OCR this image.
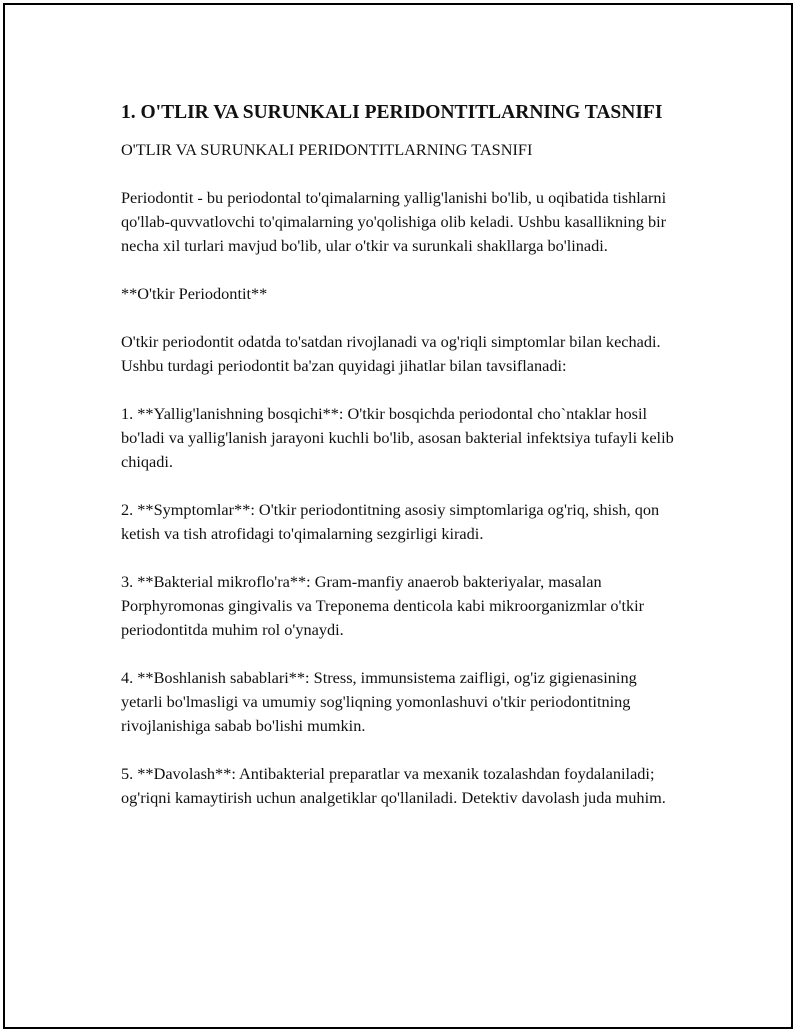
1. O'TLIR VA SURUNKALI PERIDONTITLARNING TASNIFI

O'TLIR VA SURUNKALI PERIDONTITLARNING TASNIFI

Periodontit - bu periodontal to'qimalarning yallig'lanishi bo'lib, u oqibatida tishlarni qo'llab-quvvatlovchi to'qimalarning yo'qolishiga olib keladi. Ushbu kasallikning bir necha xil turlari mavjud bo'lib, ular o'tkir va surunkali shakllarga bo'linadi.

**O'tkir Periodontit**

O'tkir periodontit odatda to'satdan rivojlanadi va og'riqli simptomlar bilan kechadi. Ushbu turdagi periodontit ba'zan quyidagi jihatlar bilan tavsiflanadi:

1. **Yallig'lanishning bosqichi**: O'tkir bosqichda periodontal cho`ntaklar hosil bo'ladi va yallig'lanish jarayoni kuchli bo'lib, asosan bakterial infektsiya tufayli kelib chiqadi.

2. **Symptomlar**: O'tkir periodontitning asosiy simptomlariga og'riq, shish, qon ketish va tish atrofidagi to'qimalarning sezgirligi kiradi.

3. **Bakterial mikroflo'ra**: Gram-manfiy anaerob bakteriyalar, masalan Porphyromonas gingivalis va Treponema denticola kabi mikroorganizmlar o'tkir periodontitda muhim rol o'ynaydi.

4. **Boshlanish sabablari**: Stress, immunsistema zaifligi, og'iz gigienasining yetarli bo'lmasligi va umumiy sog'liqning yomonlashuvi o'tkir periodontitning rivojlanishiga sabab bo'lishi mumkin.

5. **Davolash**: Antibakterial preparatlar va mexanik tozalashdan foydalaniladi; og'riqni kamaytirish uchun analgetiklar qo'llaniladi. Detektiv davolash juda muhim.
